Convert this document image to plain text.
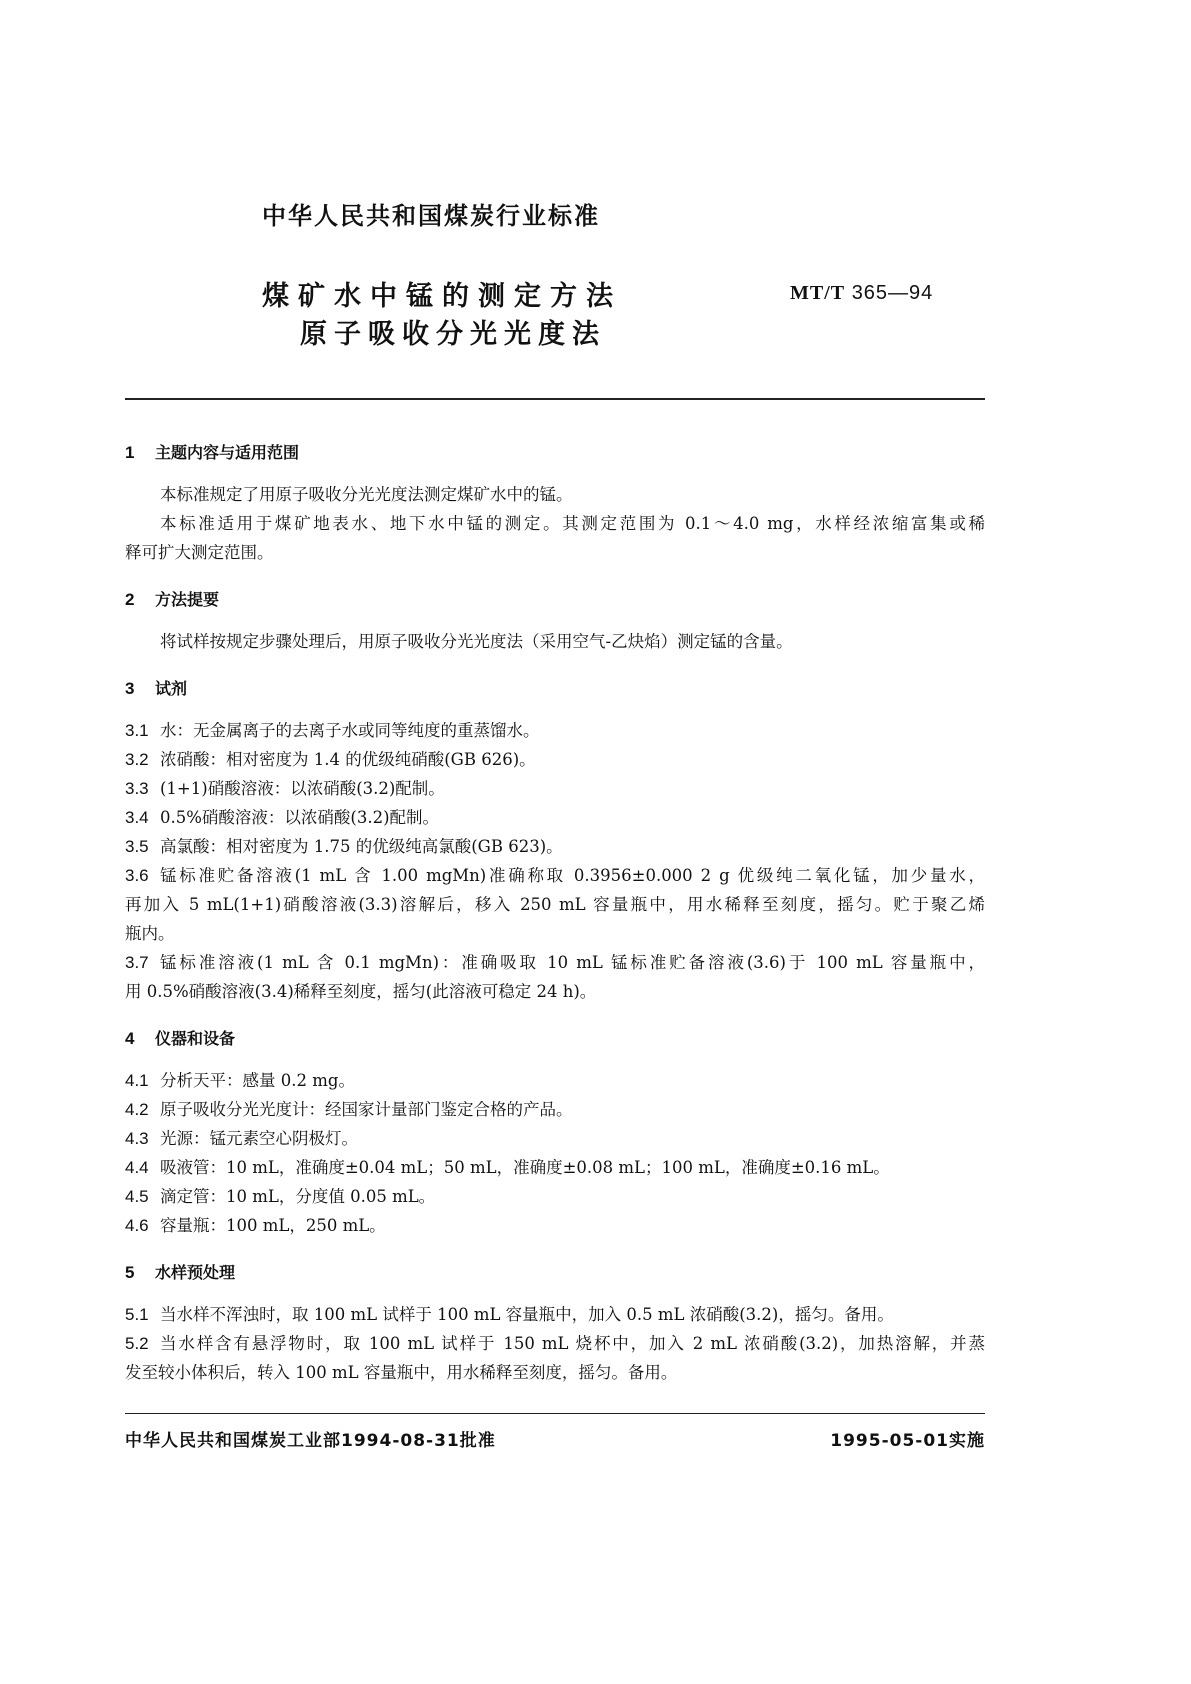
中华人民共和国煤炭行业标准
煤矿水中锰的测定方法
原子吸收分光光度法
MT/T 365—94
1 主题内容与适用范围
本标准规定了用原子吸收分光光度法测定煤矿水中的锰。
本标准适用于煤矿地表水、地下水中锰的测定。其测定范围为 0.1～4.0 mg，水样经浓缩富集或稀
释可扩大测定范围。
2 方法提要
将试样按规定步骤处理后，用原子吸收分光光度法（采用空气-乙炔焰）测定锰的含量。
3 试剂
3.1 水：无金属离子的去离子水或同等纯度的重蒸馏水。
3.2 浓硝酸：相对密度为 1.4 的优级纯硝酸(GB 626)。
3.3 (1+1)硝酸溶液：以浓硝酸(3.2)配制。
3.4 0.5%硝酸溶液：以浓硝酸(3.2)配制。
3.5 高氯酸：相对密度为 1.75 的优级纯高氯酸(GB 623)。
3.6 锰标准贮备溶液(1 mL 含 1.00 mgMn)准确称取 0.3956±0.000 2 g 优级纯二氧化锰，加少量水，
再加入 5 mL(1+1)硝酸溶液(3.3)溶解后，移入 250 mL 容量瓶中，用水稀释至刻度，摇匀。贮于聚乙烯
瓶内。
3.7 锰标准溶液(1 mL 含 0.1 mgMn)：准确吸取 10 mL 锰标准贮备溶液(3.6)于 100 mL 容量瓶中，
用 0.5%硝酸溶液(3.4)稀释至刻度，摇匀(此溶液可稳定 24 h)。
4 仪器和设备
4.1 分析天平：感量 0.2 mg。
4.2 原子吸收分光光度计：经国家计量部门鉴定合格的产品。
4.3 光源：锰元素空心阴极灯。
4.4 吸液管：10 mL，准确度±0.04 mL；50 mL，准确度±0.08 mL；100 mL，准确度±0.16 mL。
4.5 滴定管：10 mL，分度值 0.05 mL。
4.6 容量瓶：100 mL，250 mL。
5 水样预处理
5.1 当水样不浑浊时，取 100 mL 试样于 100 mL 容量瓶中，加入 0.5 mL 浓硝酸(3.2)，摇匀。备用。
5.2 当水样含有悬浮物时，取 100 mL 试样于 150 mL 烧杯中，加入 2 mL 浓硝酸(3.2)，加热溶解，并蒸
发至较小体积后，转入 100 mL 容量瓶中，用水稀释至刻度，摇匀。备用。
中华人民共和国煤炭工业部1994-08-31批准	1995-05-01实施
